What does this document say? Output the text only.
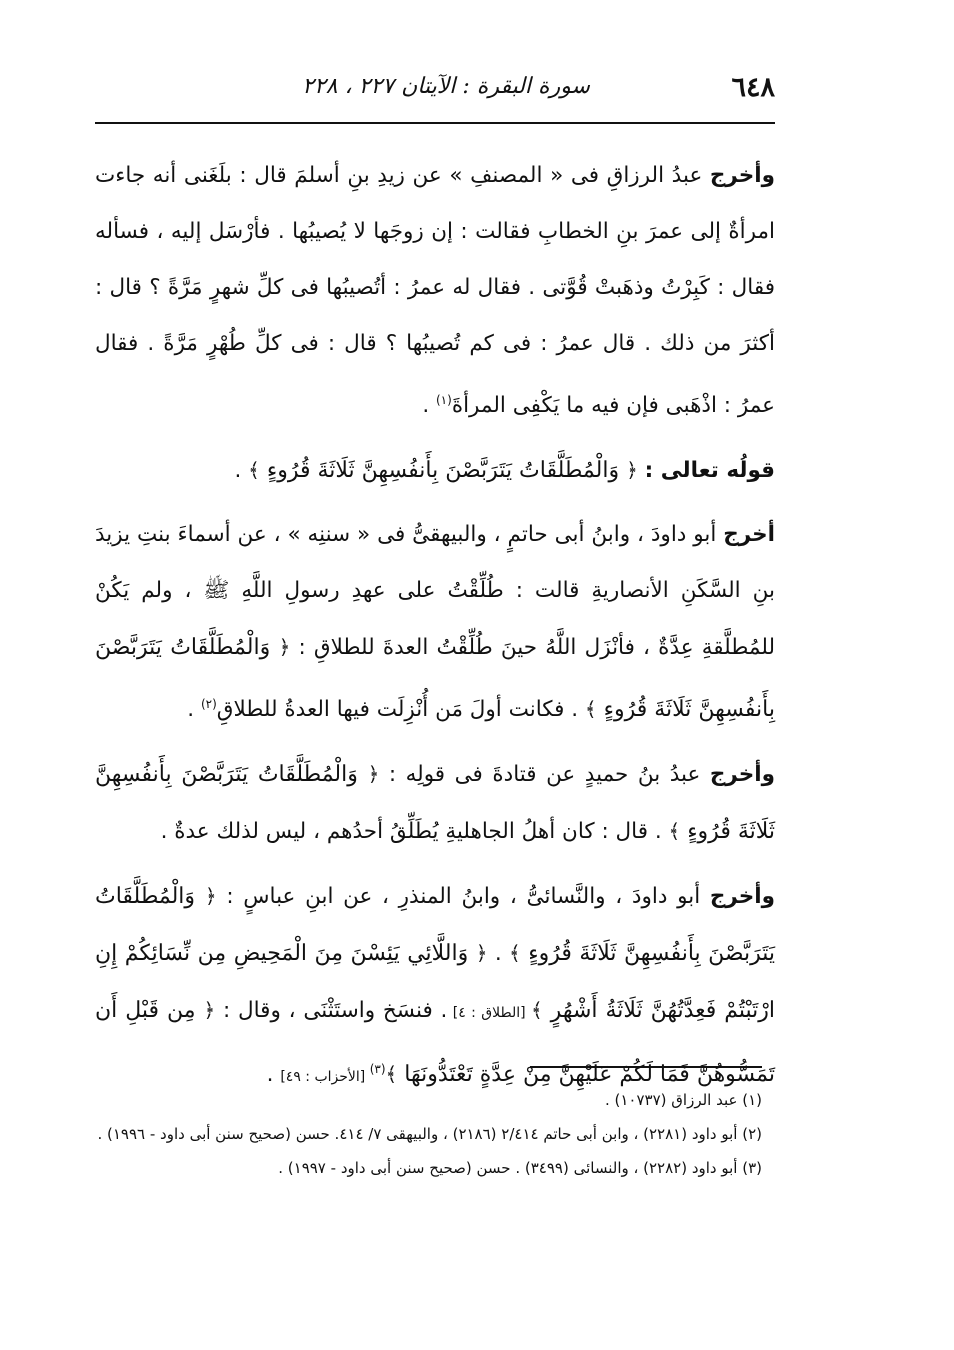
٦٤٨
سورة البقرة : الآيتان ٢٢٧ ، ٢٢٨

وأخرج عبدُ الرزاقِ فى « المصنفِ » عن زيدِ بنِ أسلمَ قال : بلَغَنى أنه جاءت امرأةٌ إلى عمرَ بنِ الخطابِ فقالت : إن زوجَها لا يُصيبُها . فأرْسَل إليه ، فسأله فقال : كَبِرْتُ وذهَبتْ قُوَّتى . فقال له عمرُ : أتُصيبُها فى كلِّ شهرٍ مَرَّةً ؟ قال : أكثرَ من ذلك . قال عمرُ : فى كم تُصيبُها ؟ قال : فى كلِّ طُهْرٍ مَرَّةً . فقال عمرُ : اذْهَبى فإن فيه ما يَكْفِى المرأةَ$^{(١)}$ .

قولُه تعالى : ﴿ وَالْمُطَلَّقَاتُ يَتَرَبَّصْنَ بِأَنفُسِهِنَّ ثَلَاثَةَ قُرُوءٍ ﴾ .

أخرج أبو داودَ ، وابنُ أبى حاتمٍ ، والبيهقىُّ فى « سننِه » ، عن أسماءَ بنتِ يزيدَ بنِ السَّكَنِ الأنصاريةِ قالت : طُلِّقْتُ على عهدِ رسولِ اللَّهِ ﷺ ، ولم يَكُنْ للمُطلَّقةِ عِدَّةٌ ، فأنْزَل اللَّهُ حينَ طُلِّقْتُ العدةَ للطلاقِ : ﴿ وَالْمُطَلَّقَاتُ يَتَرَبَّصْنَ بِأَنفُسِهِنَّ ثَلَاثَةَ قُرُوءٍ ﴾ . فكانت أولَ مَن أُنْزِلَت فيها العدةُ للطلاقِ$^{(٢)}$ .

وأخرج عبدُ بنُ حميدٍ عن قتادةَ فى قولِه : ﴿ وَالْمُطَلَّقَاتُ يَتَرَبَّصْنَ بِأَنفُسِهِنَّ ثَلَاثَةَ قُرُوءٍ ﴾ . قال : كان أهلُ الجاهليةِ يُطَلِّقُ أحدُهم ، ليس لذلك عدةٌ .

وأخرج أبو داودَ ، والنَّسائىُّ ، وابنُ المنذرِ ، عن ابنِ عباسٍ : ﴿ وَالْمُطَلَّقَاتُ يَتَرَبَّصْنَ بِأَنفُسِهِنَّ ثَلَاثَةَ قُرُوءٍ ﴾ . ﴿ وَاللَّائِي يَئِسْنَ مِنَ الْمَحِيضِ مِن نِّسَائِكُمْ إِنِ ارْتَبْتُمْ فَعِدَّتُهُنَّ ثَلَاثَةُ أَشْهُرٍ ﴾ [الطلاق : ٤] . فنسَخ واستَثْنَى ، وقال : ﴿ مِن قَبْلِ أَن تَمَسُّوهُنَّ فَمَا لَكُمْ عَلَيْهِنَّ مِنْ عِدَّةٍ تَعْتَدُّونَهَا ﴾$^{(٣)}$ [الأحزاب : ٤٩] .

(١) عبد الرزاق (١٠٧٣٧) .

(٢) أبو داود (٢٢٨١) ، وابن أبى حاتم ٢/٤١٤ (٢١٨٦) ، والبيهقى ٧/ ٤١٤. حسن (صحيح سنن أبى داود - ١٩٩٦) .

(٣) أبو داود (٢٢٨٢) ، والنسائى (٣٤٩٩) . حسن (صحيح سنن أبى داود - ١٩٩٧) .
